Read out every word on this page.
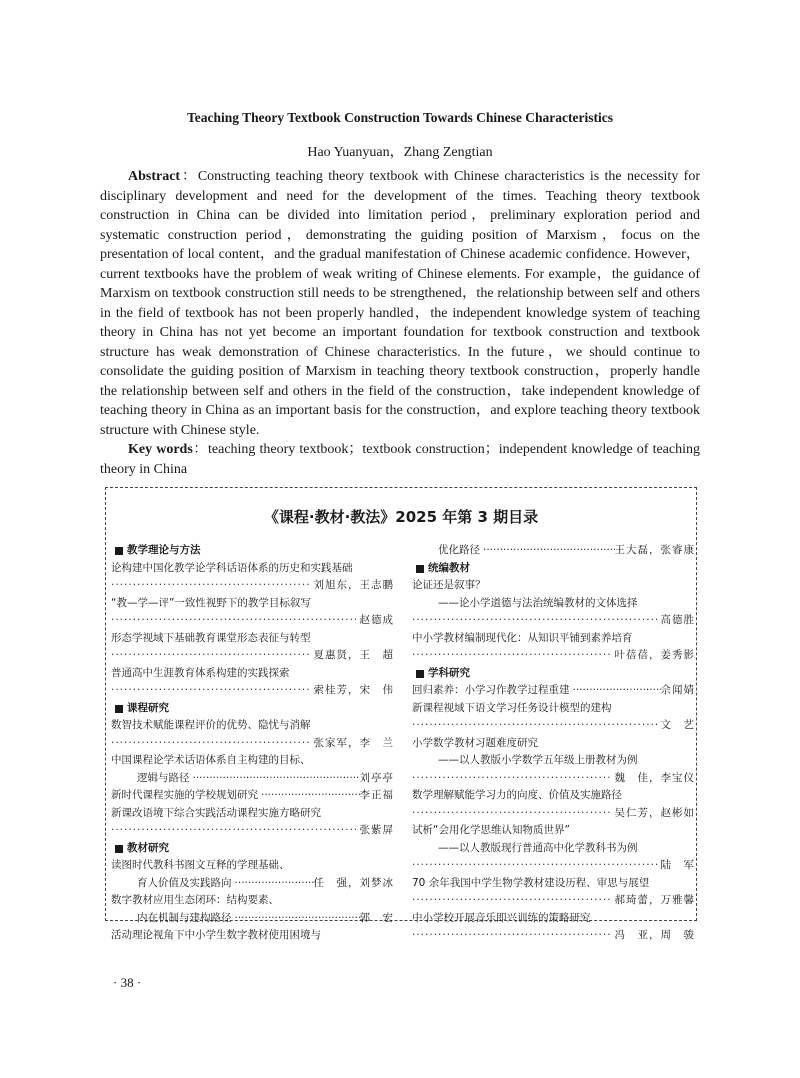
Teaching Theory Textbook Construction Towards Chinese Characteristics
Hao Yuanyuan，Zhang Zengtian

Abstract：Constructing teaching theory textbook with Chinese characteristics is the necessity for disciplinary development and need for the development of the times. Teaching theory textbook construction in China can be divided into limitation period，preliminary exploration period and systematic construction period，demonstrating the guiding position of Marxism，focus on the presentation of local content，and the gradual manifestation of Chinese academic confidence. However，current textbooks have the problem of weak writing of Chinese elements. For example，the guidance of Marxism on textbook construction still needs to be strengthened，the relationship between self and others in the field of textbook has not been properly handled，the independent knowledge system of teaching theory in China has not yet become an important foundation for textbook construction and textbook structure has weak demonstration of Chinese characteristics. In the future，we should continue to consolidate the guiding position of Marxism in teaching theory textbook construction，properly handle the relationship between self and others in the field of the construction，take independent knowledge of teaching theory in China as an important basis for the construction，and explore teaching theory textbook structure with Chinese style.

Key words：teaching theory textbook；textbook construction；independent knowledge of teaching theory in China

《课程·教材·教法》2025 年第 3 期目录
教学理论与方法
论构建中国化教学论学科话语体系的历史和实践基础
·····
刘旭东，王志鹏
“教—学—评”一致性视野下的教学目标叙写
·····
赵德成
形态学视域下基础教育课堂形态表征与转型
·····
夏惠贤，王　超
普通高中生涯教育体系构建的实践探索
·····
索桂芳，宋　伟
课程研究
数智技术赋能课程评价的优势、隐忧与消解
·····
张家军，李　兰
中国课程论学术话语体系自主构建的目标、
逻辑与路径 ·····	刘亭亭
新时代课程实施的学校规划研究 ·····	李正福
新课改语境下综合实践活动课程实施方略研究
·····
张紫屏
教材研究
读图时代教科书图文互释的学理基础、
育人价值及实践路向 ·····	任　强，刘梦冰
数字教材应用生态闭环：结构要素、
内在机制与建构路径 ·····	郭　宏
活动理论视角下中小学生数字教材使用困境与
优化路径 ·····	王大磊，张睿康
统编教材
论证还是叙事？
——论小学道德与法治统编教材的文体选择
·····
高德胜
中小学教材编制现代化：从知识平铺到素养培育
·····
叶蓓蓓，姜秀影
学科研究
回归素养：小学习作教学过程重建 ·····	佘闻婧
新课程视域下语文学习任务设计模型的建构
·····
文　艺
小学数学教材习题难度研究
——以人教版小学数学五年级上册教材为例
·····
魏　佳，李宝仪
数学理解赋能学习力的向度、价值及实施路径
·····
吴仁芳，赵彬如
试析“会用化学思维认知物质世界”
——以人教版现行普通高中化学教科书为例
·····
陆　军
70 余年我国中学生物学教材建设历程、审思与展望
·····
郝琦蕾，万雅馨
中小学校开展音乐即兴训练的策略研究
·····
冯　亚，周　骏
· 38 ·
